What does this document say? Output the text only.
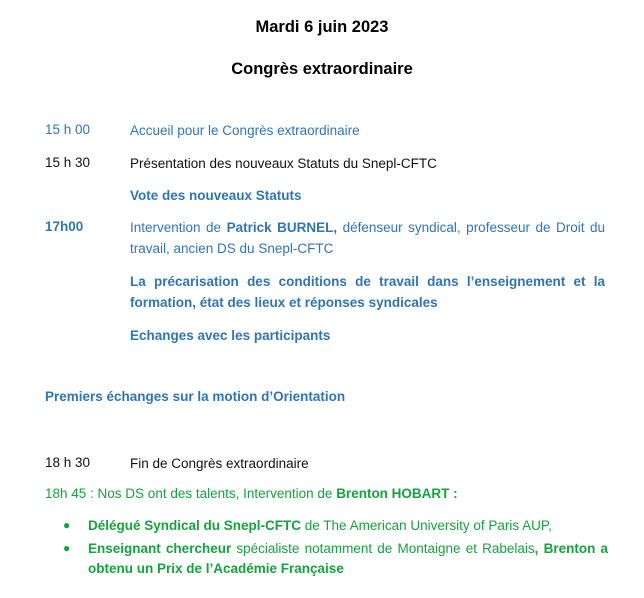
Mardi 6 juin 2023
Congrès extraordinaire
15 h 00	Accueil pour le Congrès extraordinaire
15 h 30	Présentation des nouveaux Statuts du Snepl-CFTC
Vote des nouveaux Statuts
17h00	Intervention de Patrick BURNEL, défenseur syndical, professeur de Droit du travail, ancien DS du Snepl-CFTC
La précarisation des conditions de travail dans l’enseignement et la formation, état des lieux et réponses syndicales
Echanges avec les participants
Premiers échanges sur la motion d’Orientation
18 h 30	Fin de Congrès extraordinaire
18h 45 : Nos DS ont des talents, Intervention de Brenton HOBART :
● Délégué Syndical du Snepl-CFTC de The American University of Paris AUP,
● Enseignant chercheur spécialiste notamment de Montaigne et Rabelais, Brenton a obtenu un Prix de l’Académie Française
